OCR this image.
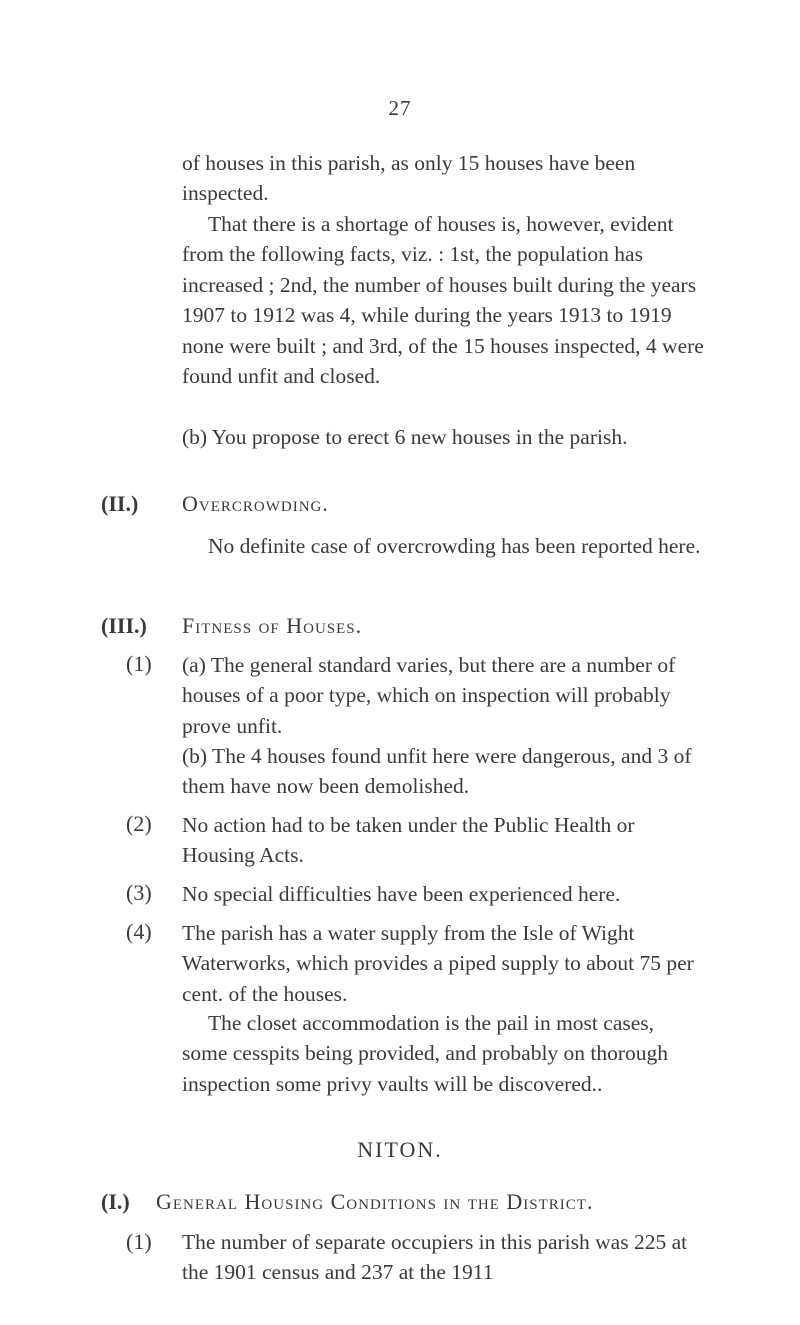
27

of houses in this parish, as only 15 houses have been inspected.

That there is a shortage of houses is, however, evident from the following facts, viz. : 1st, the population has increased ; 2nd, the number of houses built during the years 1907 to 1912 was 4, while during the years 1913 to 1919 none were built ; and 3rd, of the 15 houses inspected, 4 were found unfit and closed.

(b) You propose to erect 6 new houses in the parish.

(II.) Overcrowding.

No definite case of overcrowding has been reported here.

(III.) Fitness of Houses.
(1) (a) The general standard varies, but there are a number of houses of a poor type, which on inspection will probably prove unfit.

(b) The 4 houses found unfit here were dangerous, and 3 of them have now been demolished.

(2) No action had to be taken under the Public Health or Housing Acts.

(3) No special difficulties have been experienced here.

(4) The parish has a water supply from the Isle of Wight Waterworks, which provides a piped supply to about 75 per cent. of the houses.

The closet accommodation is the pail in most cases, some cesspits being provided, and probably on thorough inspection some privy vaults will be discovered..

NITON.
(I.) General Housing Conditions in the District.
(1) The number of separate occupiers in this parish was 225 at the 1901 census and 237 at the 1911
